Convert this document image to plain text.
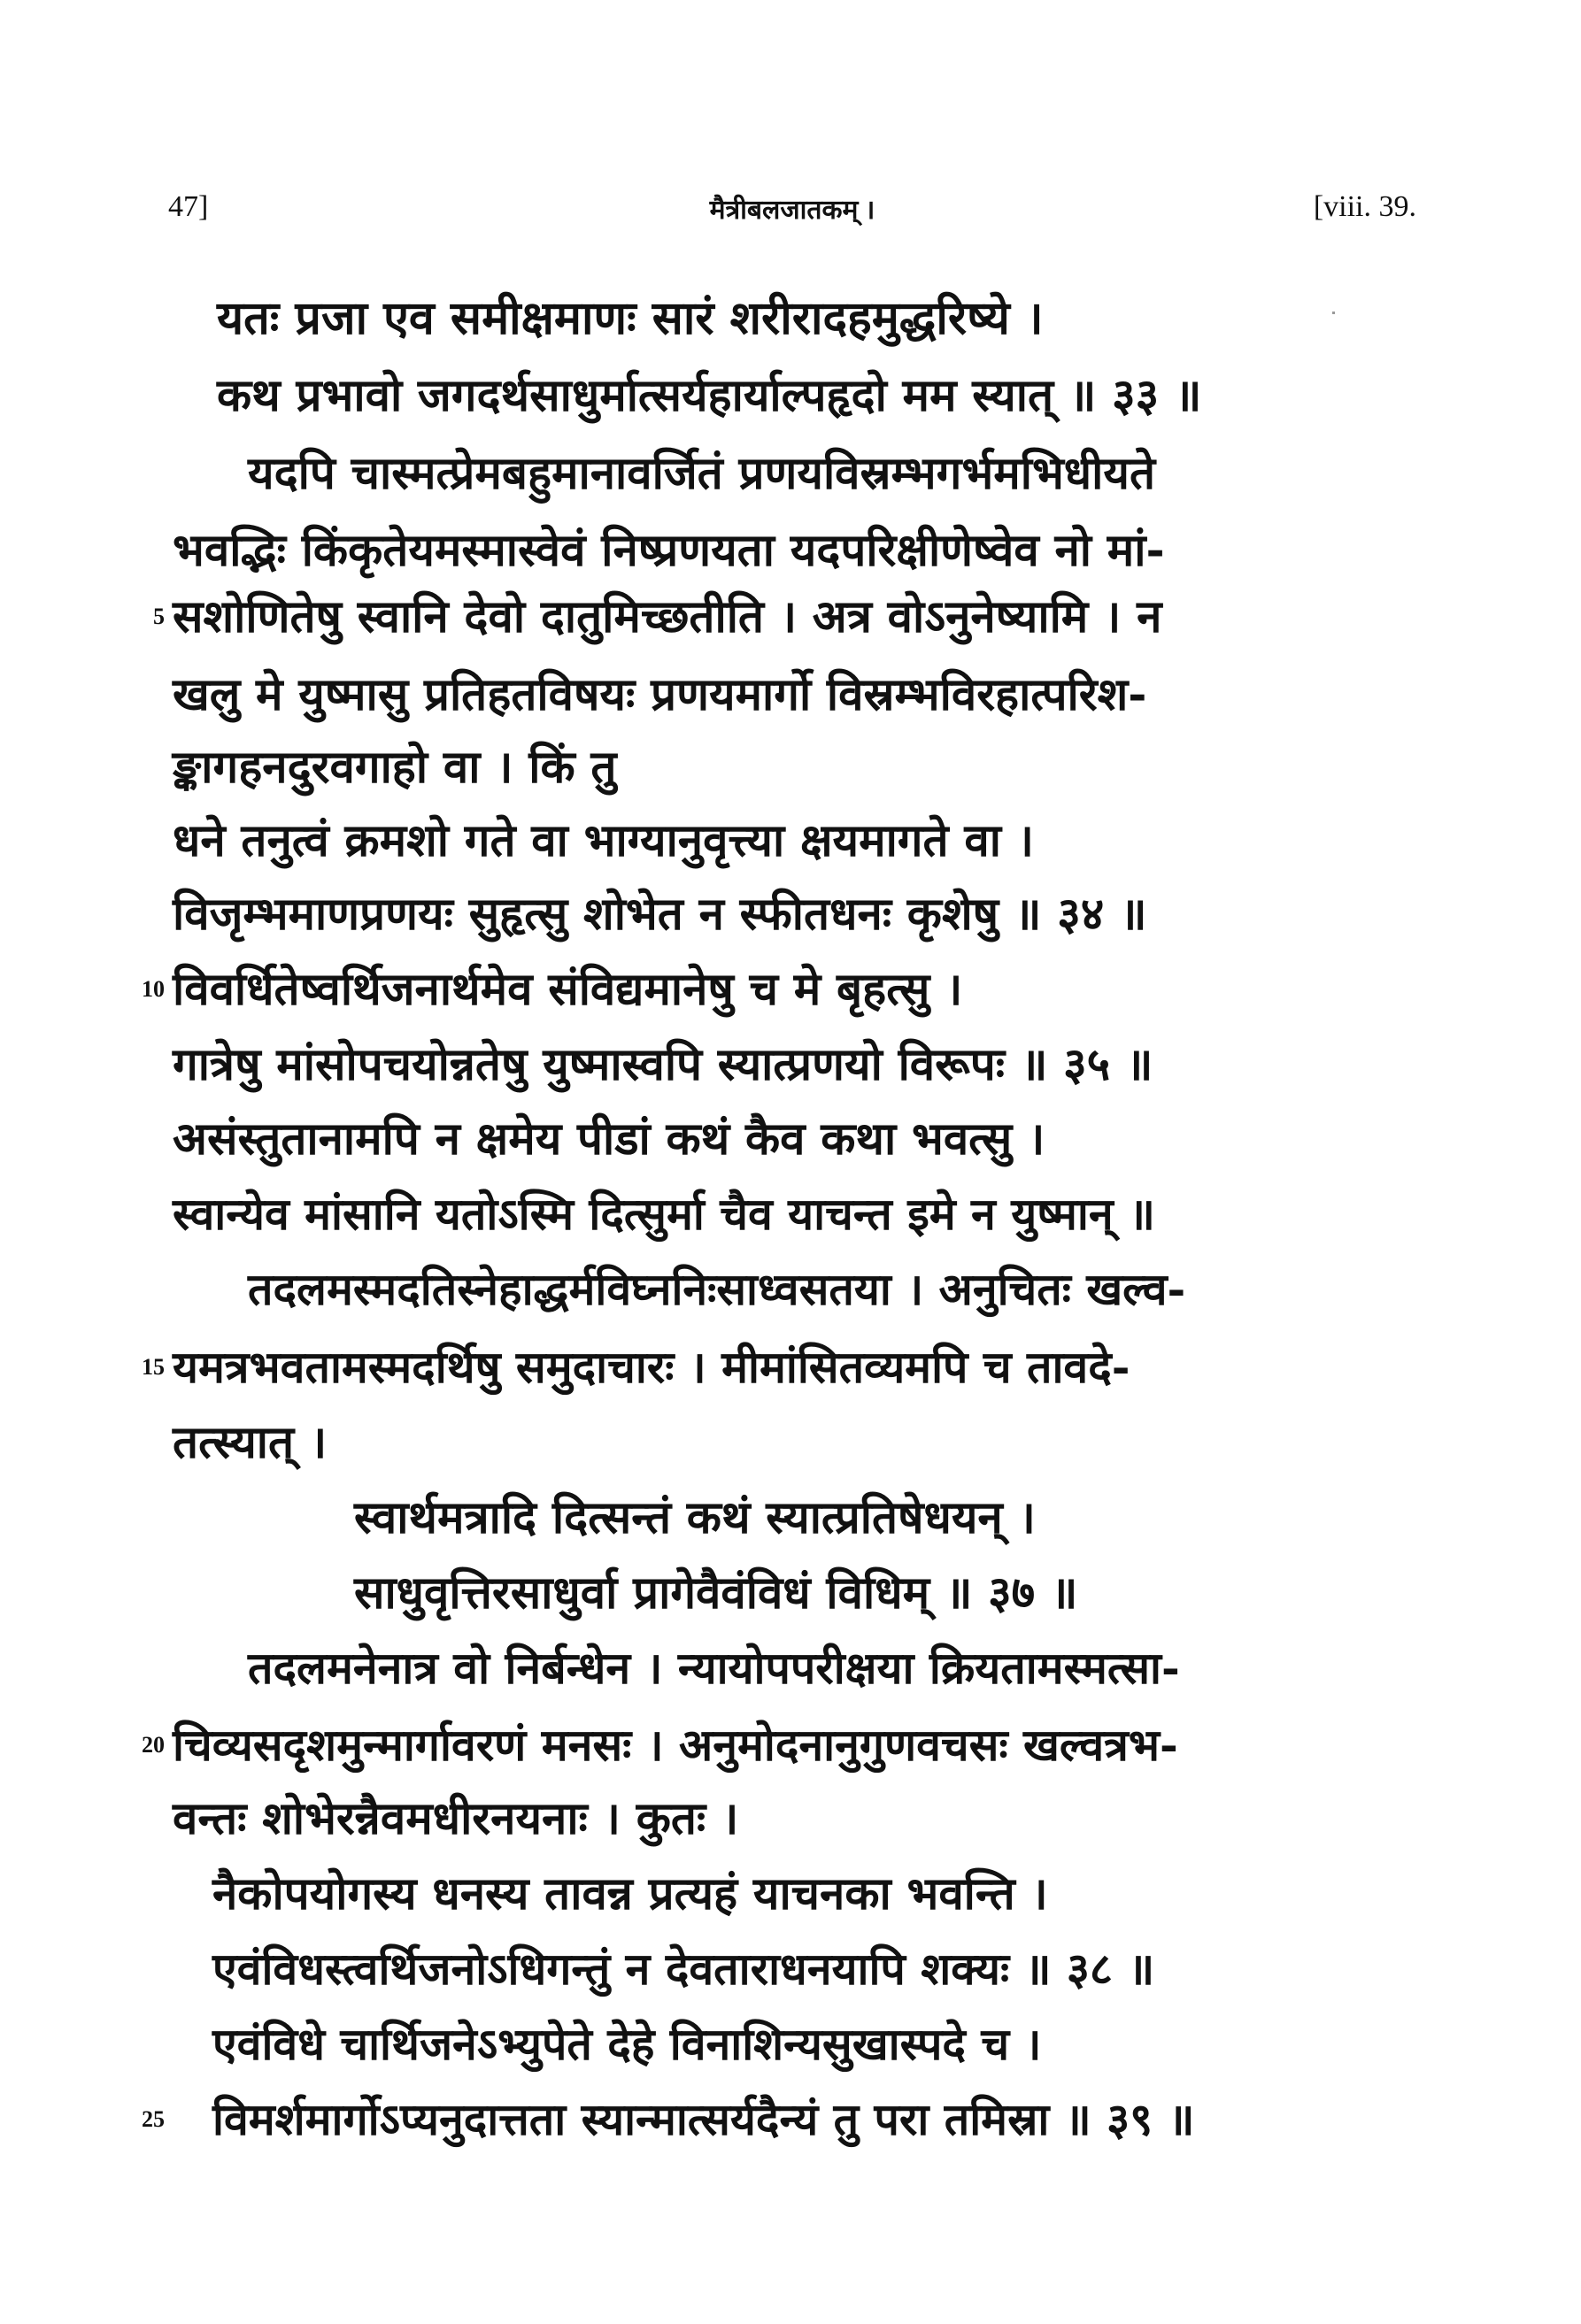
47]	मैत्रीबलजातकम् ।	[viii. 39.
यतः प्रजा एव समीक्षमाणः सारं शरीरादहमुद्धरिष्ये ।
कथ प्रभावो जगदर्थसाधुर्मात्सर्यहार्याल्पहृदो मम स्यात् ॥ ३३ ॥
यदपि चास्मत्प्रेमबहुमानावर्जितं प्रणयविस्रम्भगर्भमभिधीयते
भवद्भिः किंकृतेयमस्मास्वेवं निष्प्रणयता यदपरिक्षीणेष्वेव नो मां-
5 सशोणितेषु स्वानि देवो दातुमिच्छतीति । अत्र वोऽनुनेष्यामि । न
खलु मे युष्मासु प्रतिहतविषयः प्रणयमार्गो विस्रम्भविरहात्परिश-
ङ्कागहनदुरवगाहो वा । किं तु
धने तनुत्वं क्रमशो गते वा भाग्यानुवृत्त्या क्षयमागते वा ।
विजृम्भमाणप्रणयः सुहृत्सु शोभेत न स्फीतधनः कृशेषु ॥ ३४ ॥
10 विवर्धितेष्वर्थिजनार्थमेव संविद्यमानेषु च मे बृहत्सु ।
गात्रेषु मांसोपचयोन्नतेषु युष्मास्वपि स्यात्प्रणयो विरूपः ॥ ३५ ॥
असंस्तुतानामपि न क्षमेय पीडां कथं कैव कथा भवत्सु ।
स्वान्येव मांसानि यतोऽस्मि दित्सुर्मा चैव याचन्त इमे न युष्मान् ॥
तदलमस्मदतिस्नेहाद्धर्मविघ्ननिःसाध्वसतया । अनुचितः खल्व-
15 यमत्रभवतामस्मदर्थिषु समुदाचारः । मीमांसितव्यमपि च तावदे-
तत्स्यात् ।
स्वार्थमत्रादि दित्सन्तं कथं स्यात्प्रतिषेधयन् ।
साधुवृत्तिरसाधुर्वा प्रागेवैवंविधं विधिम् ॥ ३७ ॥
तदलमनेनात्र वो निर्बन्धेन । न्यायोपपरीक्षया क्रियतामस्मत्सा-
20 चिव्यसदृशमुन्मार्गावरणं मनसः । अनुमोदनानुगुणवचसः खल्वत्रभ-
वन्तः शोभेरन्नैवमधीरनयनाः । कुतः ।
नैकोपयोगस्य धनस्य तावन्न प्रत्यहं याचनका भवन्ति ।
एवंविधस्त्वर्थिजनोऽधिगन्तुं न देवताराधनयापि शक्यः ॥ ३८ ॥
एवंविधे चार्थिजनेऽभ्युपेते देहे विनाशिन्यसुखास्पदे च ।
25 विमर्शमार्गोऽप्यनुदात्तता स्यान्मात्सर्यदैन्यं तु परा तमिस्रा ॥ ३९ ॥
